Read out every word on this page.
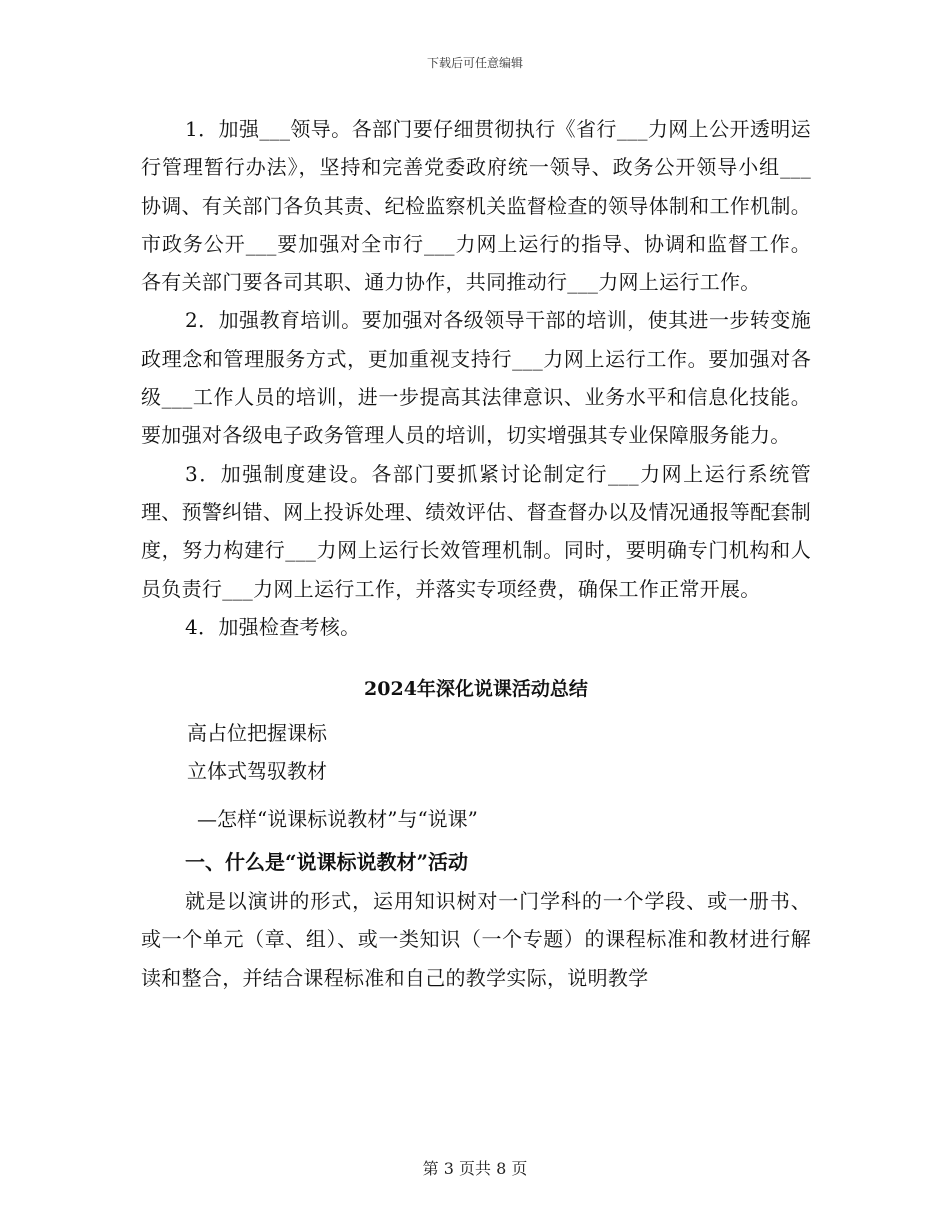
下载后可任意编辑

1．加强___领导。各部门要仔细贯彻执行《省行___力网上公开透明运行管理暂行办法》，坚持和完善党委政府统一领导、政务公开领导小组___协调、有关部门各负其责、纪检监察机关监督检查的领导体制和工作机制。市政务公开___要加强对全市行___力网上运行的指导、协调和监督工作。各有关部门要各司其职、通力协作，共同推动行___力网上运行工作。

2．加强教育培训。要加强对各级领导干部的培训，使其进一步转变施政理念和管理服务方式，更加重视支持行___力网上运行工作。要加强对各级___工作人员的培训，进一步提高其法律意识、业务水平和信息化技能。要加强对各级电子政务管理人员的培训，切实增强其专业保障服务能力。

3．加强制度建设。各部门要抓紧讨论制定行___力网上运行系统管理、预警纠错、网上投诉处理、绩效评估、督查督办以及情况通报等配套制度，努力构建行___力网上运行长效管理机制。同时，要明确专门机构和人员负责行___力网上运行工作，并落实专项经费，确保工作正常开展。

4．加强检查考核。

2024年深化说课活动总结

高占位把握课标

立体式驾驭教材

—怎样“说课标说教材”与“说课”

一、什么是“说课标说教材”活动

就是以演讲的形式，运用知识树对一门学科的一个学段、或一册书、或一个单元（章、组）、或一类知识（一个专题）的课程标准和教材进行解读和整合，并结合课程标准和自己的教学实际，说明教学

第 3 页共 8 页
